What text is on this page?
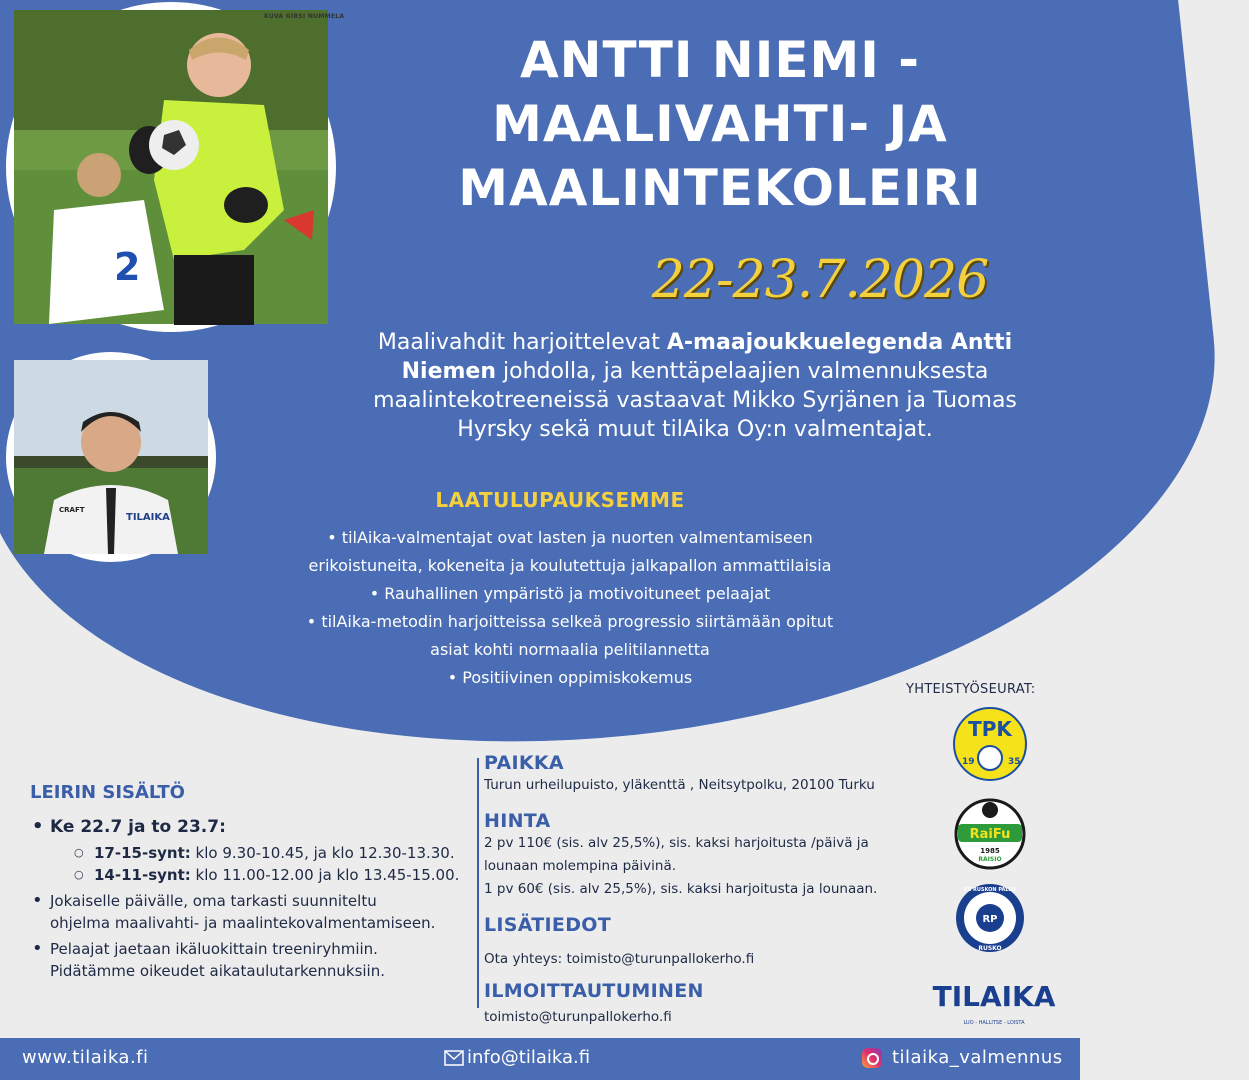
2
KUVA KIRSI NUMMELA
TILAIKA
CRAFT
ANTTI NIEMI -
MAALIVAHTI- JA
MAALINTEKOLEIRI
22-23.7.2026
Maalivahdit harjoittelevat A-maajoukkuelegenda Antti Niemen johdolla, ja kenttäpelaajien valmennuksesta maalintekotreeneissä vastaavat Mikko Syrjänen ja Tuomas Hyrsky sekä muut tilAika Oy:n valmentajat.
LAATULUPAUKSEMME
• tilAika-valmentajat ovat lasten ja nuorten valmentamiseen
erikoistuneita, kokeneita ja koulutettuja jalkapallon ammattilaisia
• Rauhallinen ympäristö ja motivoituneet pelaajat
• tilAika-metodin harjoitteissa selkeä progressio siirtämään opitut
asiat kohti normaalia pelitilannetta
• Positiivinen oppimiskokemus
YHTEISTYÖSEURAT:
TPK
19	35
RaiFu
1985
RAISIO
RP
FC RUSKON PALLO
RUSKO
TILAIKA
LUO - HALLITSE - LOISTA
LEIRIN SISÄLTÖ
• Ke 22.7 ja to 23.7:
○ 17-15-synt: klo 9.30-10.45, ja klo 12.30-13.30.
○ 14-11-synt: klo 11.00-12.00 ja klo 13.45-15.00.
• Jokaiselle päivälle, oma tarkasti suunniteltu ohjelma maalivahti- ja maalintekovalmentamiseen.
• Pelaajat jaetaan ikäluokittain treeniryhmiin. Pidätämme oikeudet aikataulutarkennuksiin.
PAIKKA

Turun urheilupuisto, yläkenttä , Neitsytpolku, 20100 Turku

HINTA

2 pv 110€ (sis. alv 25,5%), sis. kaksi harjoitusta /päivä ja lounaan molempina päivinä.

1 pv 60€ (sis. alv 25,5%), sis. kaksi harjoitusta ja lounaan.

LISÄTIEDOT

Ota yhteys: toimisto@turunpallokerho.fi

ILMOITTAUTUMINEN

toimisto@turunpallokerho.fi

www.tilaika.fi	info@tilaika.fi	tilaika_valmennus
